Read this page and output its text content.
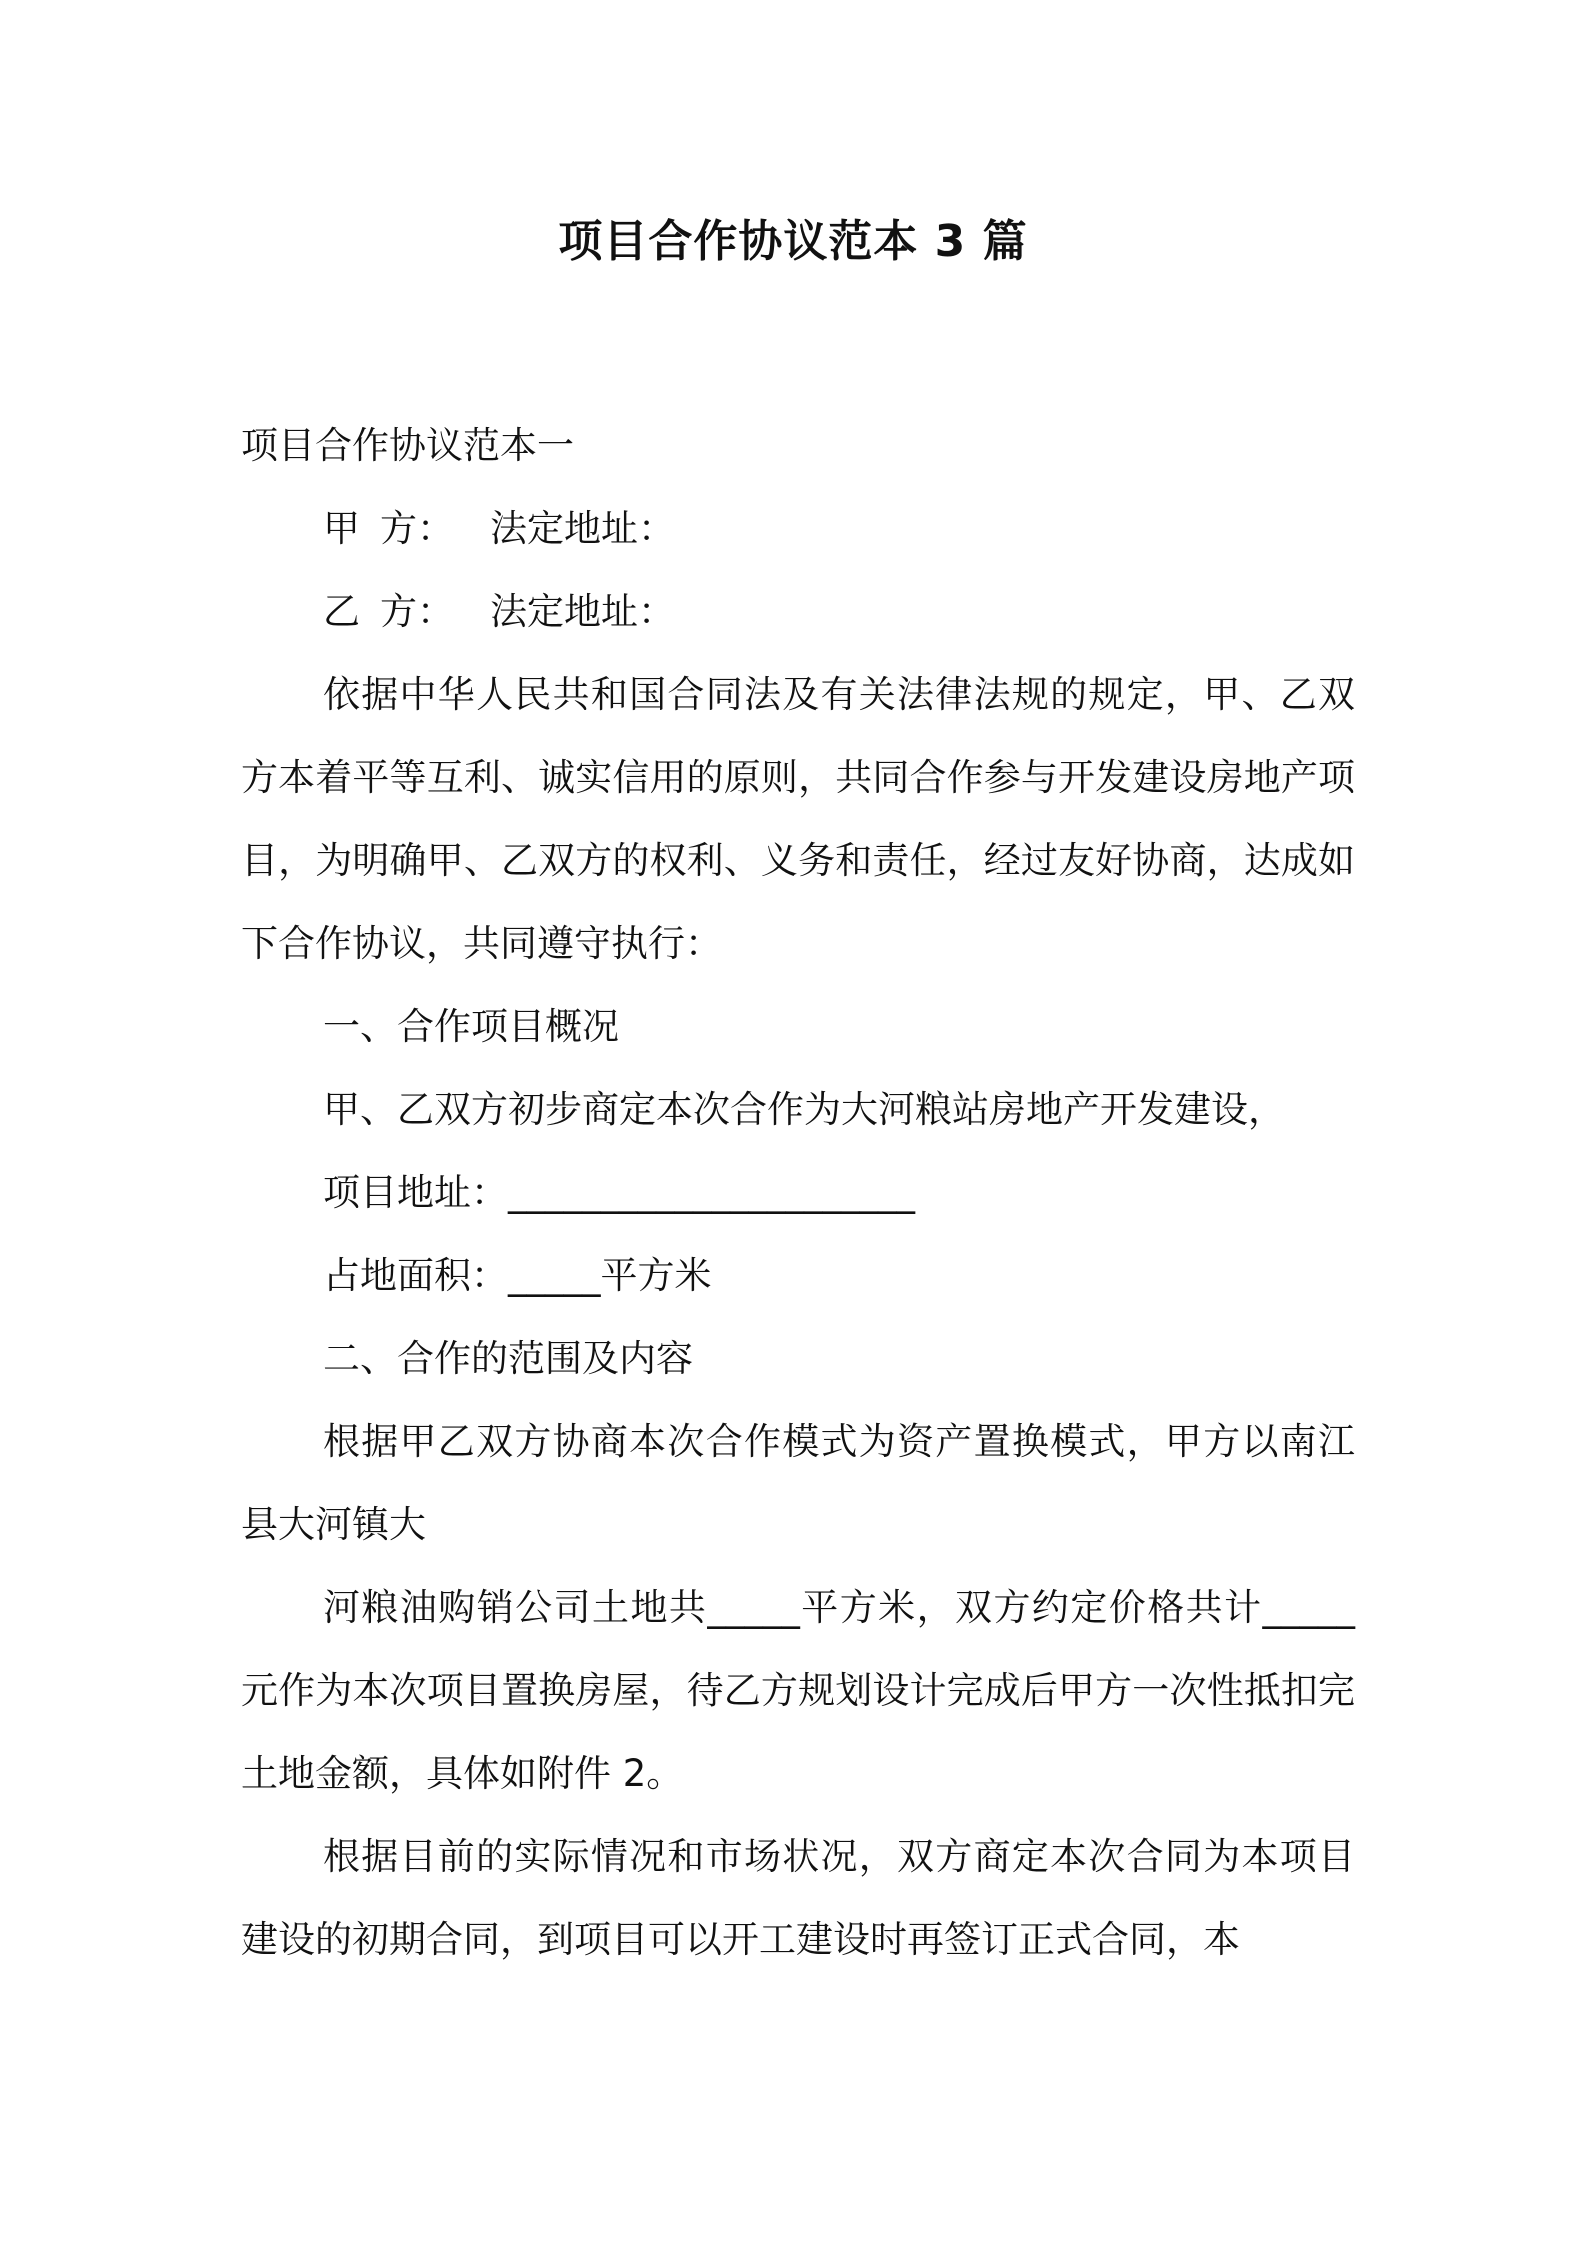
项目合作协议范本 3 篇

项目合作协议范本一

甲 方： 法定地址：

乙 方： 法定地址：

依据中华人民共和国合同法及有关法律法规的规定，甲、乙双方本着平等互利、诚实信用的原则，共同合作参与开发建设房地产项目，为明确甲、乙双方的权利、义务和责任，经过友好协商，达成如下合作协议，共同遵守执行：

一、合作项目概况

甲、乙双方初步商定本次合作为大河粮站房地产开发建设，

项目地址：______________________

占地面积：_____平方米

二、合作的范围及内容

根据甲乙双方协商本次合作模式为资产置换模式，甲方以南江县大河镇大

河粮油购销公司土地共_____平方米，双方约定价格共计_____元作为本次项目置换房屋，待乙方规划设计完成后甲方一次性抵扣完土地金额，具体如附件 2。

根据目前的实际情况和市场状况，双方商定本次合同为本项目建设的初期合同，到项目可以开工建设时再签订正式合同，本
